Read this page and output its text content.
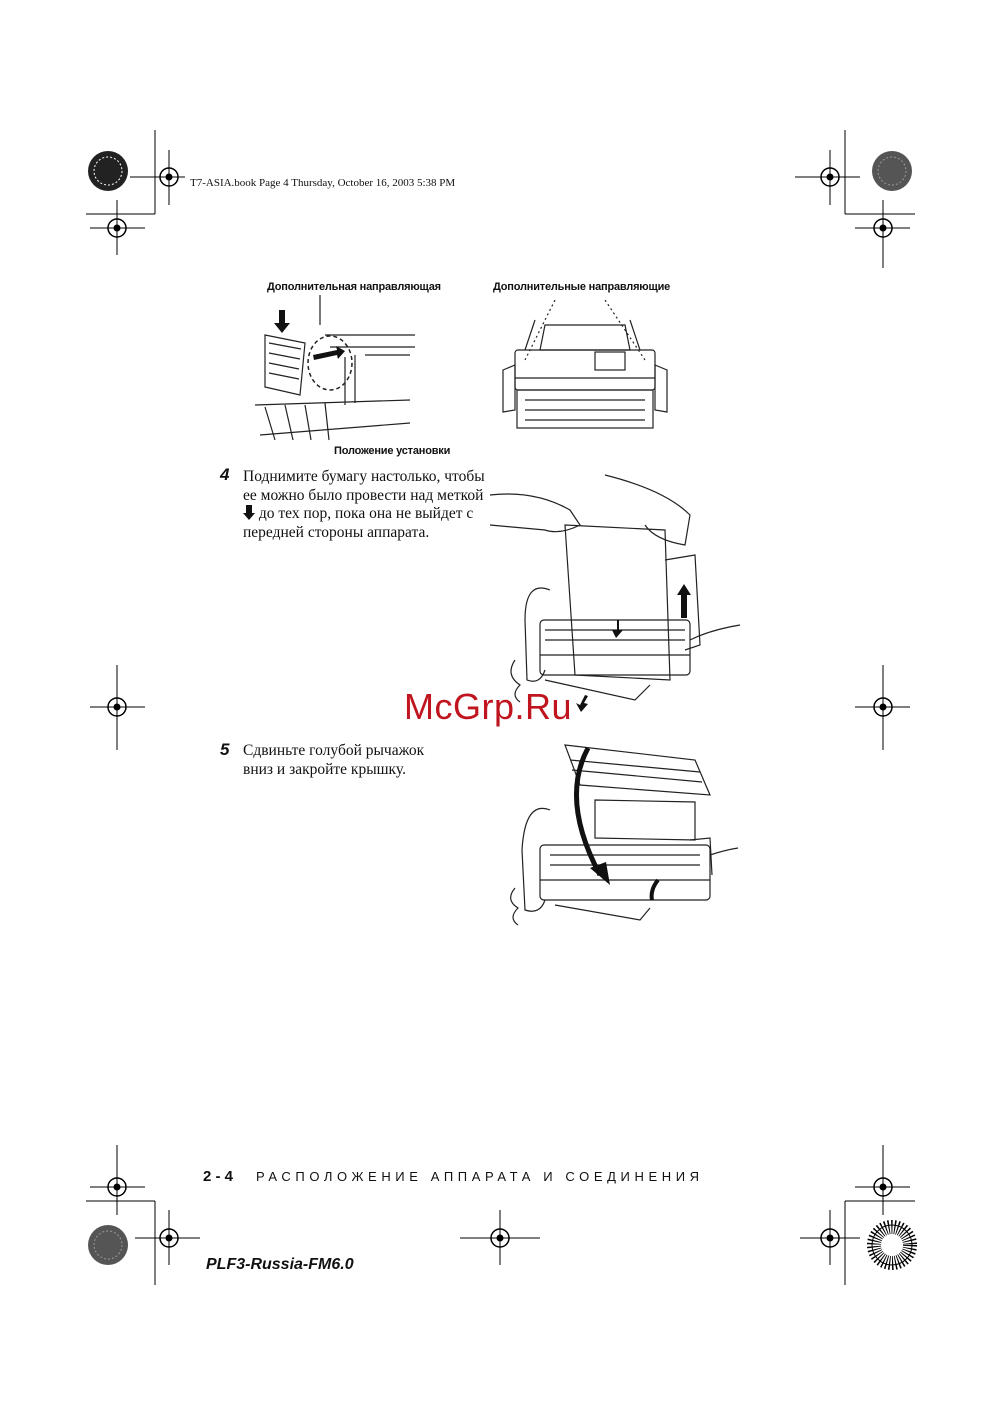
T7-ASIA.book Page 4 Thursday, October 16, 2003 5:38 PM
Дополнительная направляющая	Дополнительные направляющие
Положение установки
4 Поднимите бумагу настолько, чтобы ее можно было провести над меткой  до тех пор, пока она не выйдет с передней стороны аппарата.
McGrp.Ru
5 Сдвиньте голубой рычажок вниз и закройте крышку.
2 - 4 РАСПОЛОЖЕНИЕ АППАРАТА И СОЕДИНЕНИЯ
PLF3-Russia-FM6.0
